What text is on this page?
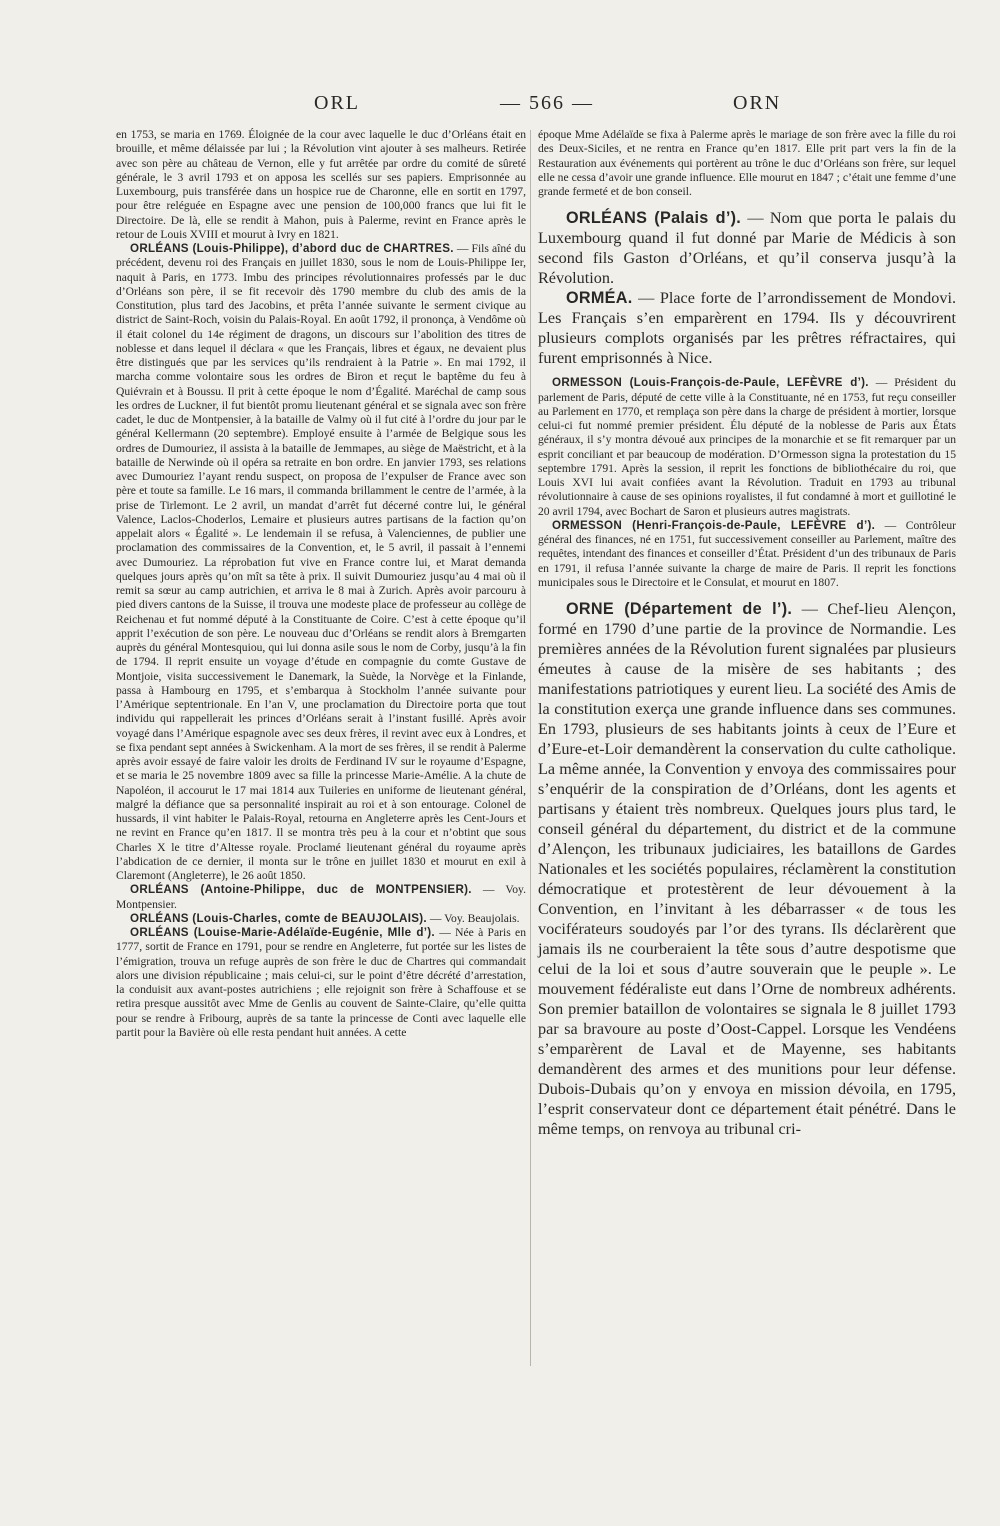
ORL	— 566 —	ORN

en 1753, se maria en 1769. Éloignée de la cour avec laquelle le duc d’Orléans était en brouille, et même délaissée par lui ; la Révolution vint ajouter à ses malheurs. Retirée avec son père au château de Vernon, elle y fut arrêtée par ordre du comité de sûreté générale, le 3 avril 1793 et on apposa les scellés sur ses papiers. Emprisonnée au Luxembourg, puis transférée dans un hospice rue de Charonne, elle en sortit en 1797, pour être reléguée en Espagne avec une pension de 100,000 francs que lui fit le Directoire. De là, elle se rendit à Mahon, puis à Palerme, revint en France après le retour de Louis XVIII et mourut à Ivry en 1821.

ORLÉANS (Louis-Philippe), d’abord duc de CHARTRES. — Fils aîné du précédent, devenu roi des Français en juillet 1830, sous le nom de Louis-Philippe Ier, naquit à Paris, en 1773. Imbu des principes révolutionnaires professés par le duc d’Orléans son père, il se fit recevoir dès 1790 membre du club des amis de la Constitution, plus tard des Jacobins, et prêta l’année suivante le serment civique au district de Saint-Roch, voisin du Palais-Royal. En août 1792, il prononça, à Vendôme où il était colonel du 14e régiment de dragons, un discours sur l’abolition des titres de noblesse et dans lequel il déclara « que les Français, libres et égaux, ne devaient plus être distingués que par les services qu’ils rendraient à la Patrie ». En mai 1792, il marcha comme volontaire sous les ordres de Biron et reçut le baptême du feu à Quiévrain et à Boussu. Il prit à cette époque le nom d’Égalité. Maréchal de camp sous les ordres de Luckner, il fut bientôt promu lieutenant général et se signala avec son frère cadet, le duc de Montpensier, à la bataille de Valmy où il fut cité à l’ordre du jour par le général Kellermann (20 septembre). Employé ensuite à l’armée de Belgique sous les ordres de Dumouriez, il assista à la bataille de Jemmapes, au siège de Maëstricht, et à la bataille de Nerwinde où il opéra sa retraite en bon ordre. En janvier 1793, ses relations avec Dumouriez l’ayant rendu suspect, on proposa de l’expulser de France avec son père et toute sa famille. Le 16 mars, il commanda brillamment le centre de l’armée, à la prise de Tirlemont. Le 2 avril, un mandat d’arrêt fut décerné contre lui, le général Valence, Laclos-Choderlos, Lemaire et plusieurs autres partisans de la faction qu’on appelait alors « Égalité ». Le lendemain il se refusa, à Valenciennes, de publier une proclamation des commissaires de la Convention, et, le 5 avril, il passait à l’ennemi avec Dumouriez. La réprobation fut vive en France contre lui, et Marat demanda quelques jours après qu’on mît sa tête à prix. Il suivit Dumouriez jusqu’au 4 mai où il remit sa sœur au camp autrichien, et arriva le 8 mai à Zurich. Après avoir parcouru à pied divers cantons de la Suisse, il trouva une modeste place de professeur au collège de Reichenau et fut nommé député à la Constituante de Coire. C’est à cette époque qu’il apprit l’exécution de son père. Le nouveau duc d’Orléans se rendit alors à Bremgarten auprès du général Montesquiou, qui lui donna asile sous le nom de Corby, jusqu’à la fin de 1794. Il reprit ensuite un voyage d’étude en compagnie du comte Gustave de Montjoie, visita successivement le Danemark, la Suède, la Norvège et la Finlande, passa à Hambourg en 1795, et s’embarqua à Stockholm l’année suivante pour l’Amérique septentrionale. En l’an V, une proclamation du Directoire porta que tout individu qui rappellerait les princes d’Orléans serait à l’instant fusillé. Après avoir voyagé dans l’Amérique espagnole avec ses deux frères, il revint avec eux à Londres, et se fixa pendant sept années à Swickenham. A la mort de ses frères, il se rendit à Palerme après avoir essayé de faire valoir les droits de Ferdinand IV sur le royaume d’Espagne, et se maria le 25 novembre 1809 avec sa fille la princesse Marie-Amélie. A la chute de Napoléon, il accourut le 17 mai 1814 aux Tuileries en uniforme de lieutenant général, malgré la défiance que sa personnalité inspirait au roi et à son entourage. Colonel de hussards, il vint habiter le Palais-Royal, retourna en Angleterre après les Cent-Jours et ne revint en France qu’en 1817. Il se montra très peu à la cour et n’obtint que sous Charles X le titre d’Altesse royale. Proclamé lieutenant général du royaume après l’abdication de ce dernier, il monta sur le trône en juillet 1830 et mourut en exil à Claremont (Angleterre), le 26 août 1850.

ORLÉANS (Antoine-Philippe, duc de MONTPENSIER). — Voy. Montpensier.

ORLÉANS (Louis-Charles, comte de BEAUJOLAIS). — Voy. Beaujolais.

ORLÉANS (Louise-Marie-Adélaïde-Eugénie, Mlle d’). — Née à Paris en 1777, sortit de France en 1791, pour se rendre en Angleterre, fut portée sur les listes de l’émigration, trouva un refuge auprès de son frère le duc de Chartres qui commandait alors une division républicaine ; mais celui-ci, sur le point d’être décrété d’arrestation, la conduisit aux avant-postes autrichiens ; elle rejoignit son frère à Schaffouse et se retira presque aussitôt avec Mme de Genlis au couvent de Sainte-Claire, qu’elle quitta pour se rendre à Fribourg, auprès de sa tante la princesse de Conti avec laquelle elle partit pour la Bavière où elle resta pendant huit années. A cette

époque Mme Adélaïde se fixa à Palerme après le mariage de son frère avec la fille du roi des Deux-Siciles, et ne rentra en France qu’en 1817. Elle prit part vers la fin de la Restauration aux événements qui portèrent au trône le duc d’Orléans son frère, sur lequel elle ne cessa d’avoir une grande influence. Elle mourut en 1847 ; c’était une femme d’une grande fermeté et de bon conseil.

ORLÉANS (Palais d’). — Nom que porta le palais du Luxembourg quand il fut donné par Marie de Médicis à son second fils Gaston d’Orléans, et qu’il conserva jusqu’à la Révolution.

ORMÉA. — Place forte de l’arrondissement de Mondovi. Les Français s’en emparèrent en 1794. Ils y découvrirent plusieurs complots organisés par les prêtres réfractaires, qui furent emprisonnés à Nice.

ORMESSON (Louis-François-de-Paule, LEFÈVRE d’). — Président du parlement de Paris, député de cette ville à la Constituante, né en 1753, fut reçu conseiller au Parlement en 1770, et remplaça son père dans la charge de président à mortier, lorsque celui-ci fut nommé premier président. Élu député de la noblesse de Paris aux États généraux, il s’y montra dévoué aux principes de la monarchie et se fit remarquer par un esprit conciliant et par beaucoup de modération. D’Ormesson signa la protestation du 15 septembre 1791. Après la session, il reprit les fonctions de bibliothécaire du roi, que Louis XVI lui avait confiées avant la Révolution. Traduit en 1793 au tribunal révolutionnaire à cause de ses opinions royalistes, il fut condamné à mort et guillotiné le 20 avril 1794, avec Bochart de Saron et plusieurs autres magistrats.

ORMESSON (Henri-François-de-Paule, LEFÈVRE d’). — Contrôleur général des finances, né en 1751, fut successivement conseiller au Parlement, maître des requêtes, intendant des finances et conseiller d’État. Président d’un des tribunaux de Paris en 1791, il refusa l’année suivante la charge de maire de Paris. Il reprit les fonctions municipales sous le Directoire et le Consulat, et mourut en 1807.

ORNE (Département de l’). — Chef-lieu Alençon, formé en 1790 d’une partie de la province de Normandie. Les premières années de la Révolution furent signalées par plusieurs émeutes à cause de la misère de ses habitants ; des manifestations patriotiques y eurent lieu. La société des Amis de la constitution exerça une grande influence dans ses communes. En 1793, plusieurs de ses habitants joints à ceux de l’Eure et d’Eure-et-Loir demandèrent la conservation du culte catholique. La même année, la Convention y envoya des commissaires pour s’enquérir de la conspiration de d’Orléans, dont les agents et partisans y étaient très nombreux. Quelques jours plus tard, le conseil général du département, du district et de la commune d’Alençon, les tribunaux judiciaires, les bataillons de Gardes Nationales et les sociétés populaires, réclamèrent la constitution démocratique et protestèrent de leur dévouement à la Convention, en l’invitant à les débarrasser « de tous les vociférateurs soudoyés par l’or des tyrans. Ils déclarèrent que jamais ils ne courberaient la tête sous d’autre despotisme que celui de la loi et sous d’autre souverain que le peuple ». Le mouvement fédéraliste eut dans l’Orne de nombreux adhérents. Son premier bataillon de volontaires se signala le 8 juillet 1793 par sa bravoure au poste d’Oost-Cappel. Lorsque les Vendéens s’emparèrent de Laval et de Mayenne, ses habitants demandèrent des armes et des munitions pour leur défense. Dubois-Dubais qu’on y envoya en mission dévoila, en 1795, l’esprit conservateur dont ce département était pénétré. Dans le même temps, on renvoya au tribunal cri-
